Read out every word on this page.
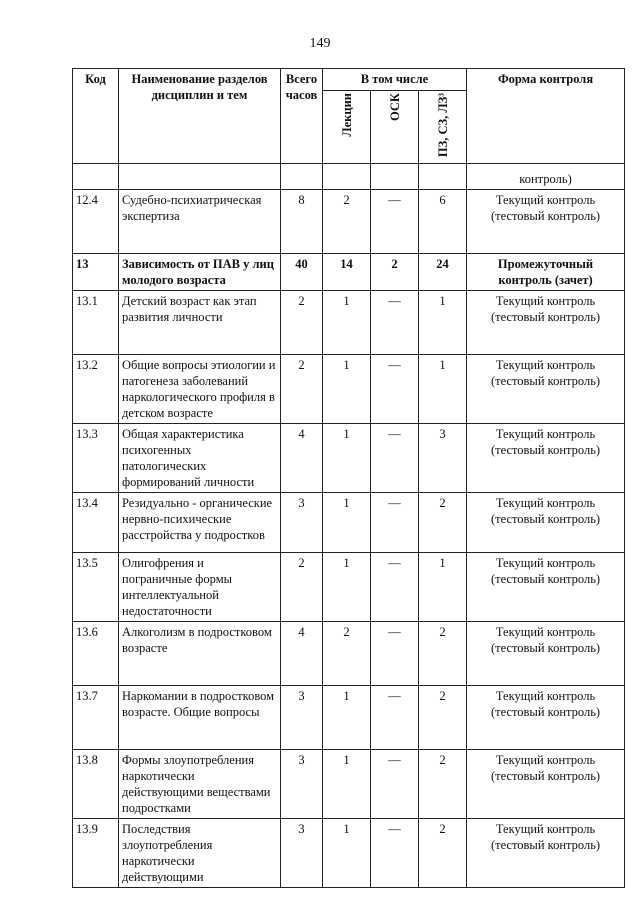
149
Код	Наименование разделов дисциплин и тем	Всего часов	В том числе			Форма контроля
			Лекции	ОСК	ПЗ, СЗ, ЛЗ³	
						контроль)
12.4	Судебно-психиатрическая экспертиза	8	2	—	6	Текущий контроль (тестовый контроль)
13	Зависимость от ПАВ у лиц молодого возраста	40	14	2	24	Промежуточный контроль (зачет)
13.1	Детский возраст как этап развития личности	2	1	—	1	Текущий контроль (тестовый контроль)
13.2	Общие вопросы этиологии и патогенеза заболеваний наркологического профиля в детском возрасте	2	1	—	1	Текущий контроль (тестовый контроль)
13.3	Общая характеристика психогенных патологических формирований личности	4	1	—	3	Текущий контроль (тестовый контроль)
13.4	Резидуально - органические нервно-психические расстройства у подростков	3	1	—	2	Текущий контроль (тестовый контроль)
13.5	Олигофрения и пограничные формы интеллектуальной недостаточности	2	1	—	1	Текущий контроль (тестовый контроль)
13.6	Алкоголизм в подростковом возрасте	4	2	—	2	Текущий контроль (тестовый контроль)
13.7	Наркомании в подростковом возрасте. Общие вопросы	3	1	—	2	Текущий контроль (тестовый контроль)
13.8	Формы злоупотребления наркотически действующими веществами подростками	3	1	—	2	Текущий контроль (тестовый контроль)
13.9	Последствия злоупотребления наркотически действующими	3	1	—	2	Текущий контроль (тестовый контроль)
